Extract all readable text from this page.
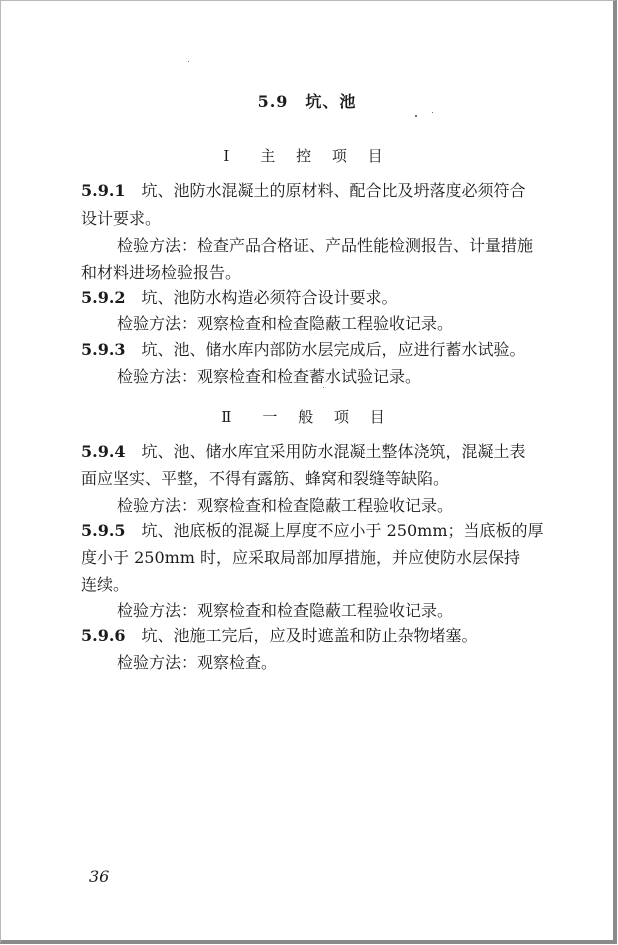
5.9　坑、池
Ⅰ　主 控 项 目
5.9.1　坑、池防水混凝土的原材料、配合比及坍落度必须符合
设计要求。
检验方法：检查产品合格证、产品性能检测报告、计量措施
和材料进场检验报告。
5.9.2　坑、池防水构造必须符合设计要求。
检验方法：观察检查和检查隐蔽工程验收记录。
5.9.3　坑、池、储水库内部防水层完成后，应进行蓄水试验。
检验方法：观察检查和检查蓄水试验记录。
Ⅱ　一 般 项 目
5.9.4　坑、池、储水库宜采用防水混凝土整体浇筑，混凝土表
面应坚实、平整，不得有露筋、蜂窝和裂缝等缺陷。
检验方法：观察检查和检查隐蔽工程验收记录。
5.9.5　坑、池底板的混凝上厚度不应小于 250mm；当底板的厚
度小于 250mm 时，应采取局部加厚措施，并应使防水层保持
连续。
检验方法：观察检查和检查隐蔽工程验收记录。
5.9.6　坑、池施工完后，应及时遮盖和防止杂物堵塞。
检验方法：观察检查。
36
